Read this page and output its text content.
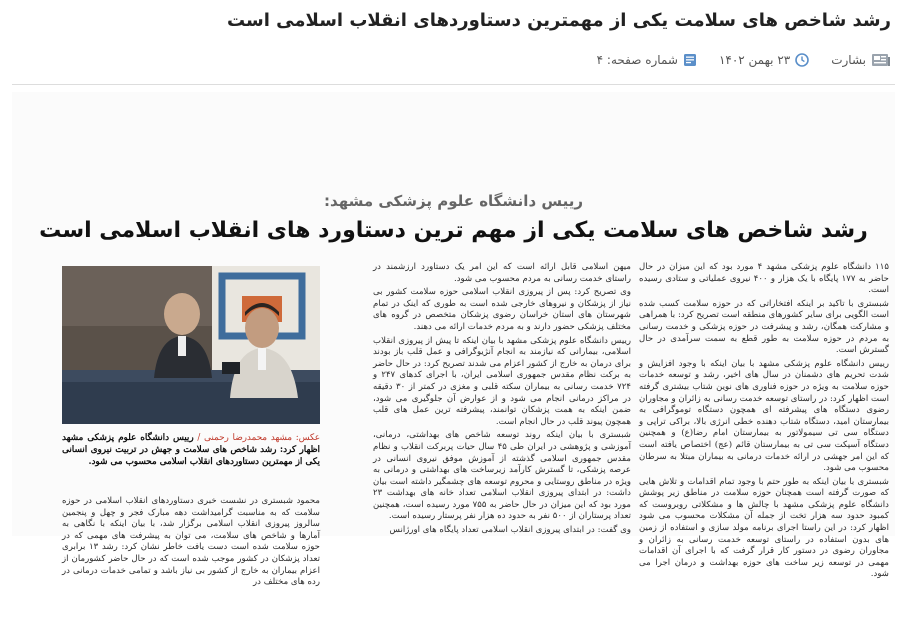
رشد شاخص های سلامت یکی از مهمترین دستاوردهای انقلاب اسلامی است
بشارت
۲۳ بهمن ۱۴۰۲
شماره صفحه: ۴
رییس دانشگاه علوم پزشکی مشهد:
رشد شاخص های سلامت یکی از مهم ترین دستاورد های انقلاب اسلامی است
عکس: مشهد محمدرضا رحمنی / رییس دانشگاه علوم پزشکی مشهد اظهار کرد: رشد شاخص های سلامت و جهش در تربیت نیروی انسانی یکی از مهمترین دستاوردهای انقلاب اسلامی محسوب می شود.
محمود شبستری در نشست خبری دستاوردهای انقلاب اسلامی در حوزه سلامت که به مناسبت گرامیداشت دهه مبارک فجر و چهل و پنجمین سالروز پیروزی انقلاب اسلامی برگزار شد، با بیان اینکه با نگاهی به آمارها و شاخص های سلامت، می توان به پیشرفت های مهمی که در حوزه سلامت شده است دست یافت خاطر نشان کرد: رشد ۱۳ برابری تعداد پزشکان در کشور موجب شده است که در حال حاضر کشورمان از اعزام بیماران به خارج از کشور بی نیاز باشد و تمامی خدمات درمانی در رده های مختلف در

میهن اسلامی قابل ارائه است که این امر یک دستاورد ارزشمند در راستای خدمت رسانی به مردم محسوب می شود.

وی تصریح کرد: پس از پیروزی انقلاب اسلامی حوزه سلامت کشور بی نیاز از پزشکان و نیروهای خارجی شده است به طوری که اینک در تمام شهرستان های استان خراسان رضوی پزشکان متخصص در گروه های مختلف پزشکی حضور دارند و به مردم خدمات ارائه می دهند.

رییس دانشگاه علوم پزشکی مشهد با بیان اینکه تا پیش از پیروزی انقلاب اسلامی، بیمارانی که نیازمند به انجام آنژیوگرافی و عمل قلب باز بودند برای درمان به خارج از کشور اعزام می شدند تصریح کرد: در حال حاضر به برکت نظام مقدس جمهوری اسلامی ایران، با اجرای کدهای ۲۴۷ و ۷۲۴ خدمت رسانی به بیماران سکته قلبی و مغزی در کمتر از ۳۰ دقیقه در مراکز درمانی انجام می شود و از عوارض آن جلوگیری می شود، ضمن اینکه به همت پزشکان توانمند، پیشرفته ترین عمل های قلب همچون پیوند قلب در حال انجام است.

شبستری با بیان اینکه روند توسعه شاخص های بهداشتی، درمانی، آموزشی و پژوهشی در ایران طی ۴۵ سال حیات پربرکت انقلاب و نظام مقدس جمهوری اسلامی گذشته از آموزش موفق نیروی انسانی در عرصه پزشکی، تا گسترش کارآمد زیرساخت های بهداشتی و درمانی به ویژه در مناطق روستایی و محروم توسعه های چشمگیر داشته است بیان داشت: در ابتدای پیروزی انقلاب اسلامی تعداد خانه های بهداشت ۲۳ مورد بود که این میزان در حال حاضر به ۷۵۵ مورد رسیده است، همچنین تعداد پرستاران از ۵۰۰ نفر به حدود ده هزار نفر پرستار رسیده است.

وی گفت: در ابتدای پیروزی انقلاب اسلامی تعداد پایگاه های اورژانس

۱۱۵ دانشگاه علوم پزشکی مشهد ۴ مورد بود که این میزان در حال حاضر به ۱۷۷ پایگاه با یک هزار و ۴۰۰ نیروی عملیاتی و ستادی رسیده است.

شبستری با تاکید بر اینکه افتخاراتی که در حوزه سلامت کسب شده است الگویی برای سایر کشورهای منطقه است تصریح کرد: با همراهی و مشارکت همگان، رشد و پیشرفت در حوزه پزشکی و خدمت رسانی به مردم در حوزه سلامت به طور قطع به سمت سرآمدی در حال گسترش است.

رییس دانشگاه علوم پزشکی مشهد با بیان اینکه با وجود افزایش و شدت تحریم های دشمنان در سال های اخیر، رشد و توسعه خدمات حوزه سلامت به ویژه در حوزه فناوری های نوین شتاب بیشتری گرفته است اظهار کرد: در راستای توسعه خدمت رسانی به زائران و مجاوران رضوی دستگاه های پیشرفته ای همچون دستگاه توموگرافی به بیمارستان امید، دستگاه شتاب دهنده خطی انرژی بالا، براکی تراپی و دستگاه سی تی سیمولاتور به بیمارستان امام رضا(ع) و همچنین دستگاه آسپکت سی تی به بیمارستان قائم (عج) اختصاص یافته است که این امر جهشی در ارائه خدمات درمانی به بیماران مبتلا به سرطان محسوب می شود.

شبستری با بیان اینکه به طور حتم با وجود تمام اقدامات و تلاش هایی که صورت گرفته است همچنان حوزه سلامت در مناطق زیر پوشش دانشگاه علوم پزشکی مشهد با چالش ها و مشکلاتی روبروست که کمبود حدود سه هزار تخت از جمله آن مشکلات محسوب می شود اظهار کرد: در این راستا اجرای برنامه مولد سازی و استفاده از زمین های بدون استفاده در راستای توسعه خدمت رسانی به زائران و مجاوران رضوی در دستور کار قرار گرفت که با اجرای آن اقدامات مهمی در توسعه زیر ساخت های حوزه بهداشت و درمان اجرا می شود.
